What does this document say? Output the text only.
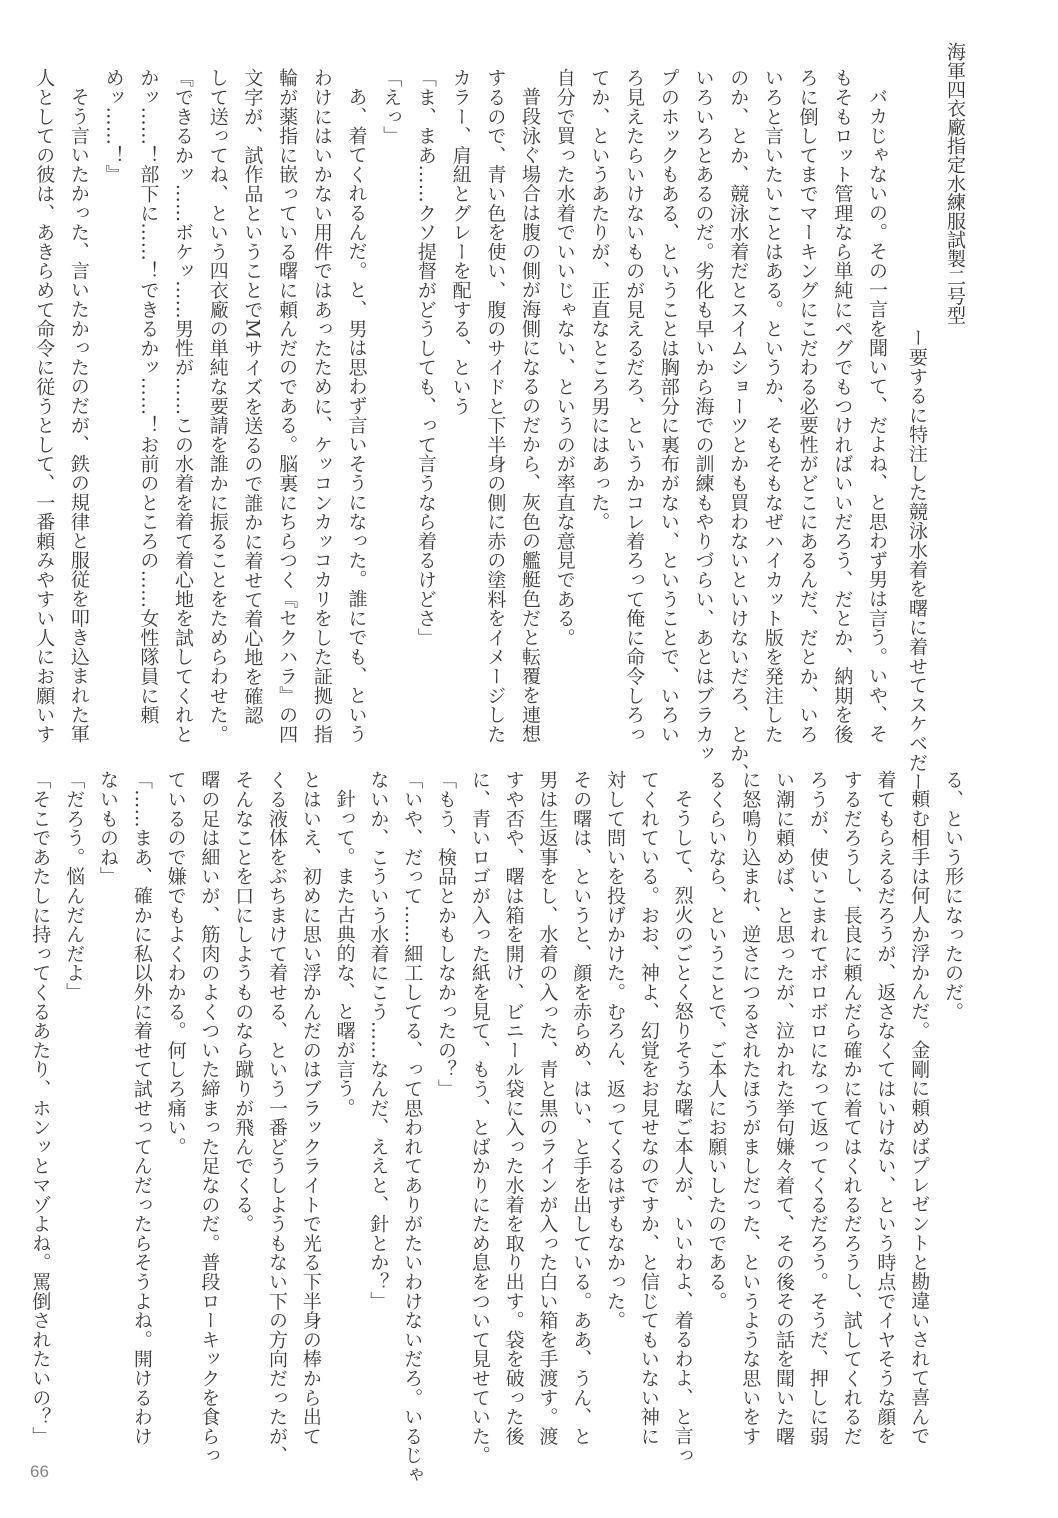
海軍四衣廠指定水練服試製二号型
ー要するに特注した競泳水着を曙に着せてスケベだー
バカじゃないの。その一言を聞いて、だよね、と思わず男は言う。いや、そ
もそもロット管理なら単純にペグでもつければいいだろう、だとか、納期を後
ろに倒してまでマーキングにこだわる必要性がどこにあるんだ、だとか、いろ
いろと言いたいことはある。というか、そもそもなぜハイカット版を発注した
のか、とか、競泳水着だとスイムショーツとかも買わないといけないだろ、とか、
いろいろとあるのだ。劣化も早いから海での訓練もやりづらい、あとはブラカッ
プのホックもある、ということは胸部分に裏布がない、ということで、いろい
ろ見えたらいけないものが見えるだろ、というかコレ着ろって俺に命令しろっ
てか、というあたりが、正直なところ男にはあった。
自分で買った水着でいいじゃない、というのが率直な意見である。
普段泳ぐ場合は腹の側が海側になるのだから、灰色の艦艇色だと転覆を連想
するので、青い色を使い、腹のサイドと下半身の側に赤の塗料をイメージした
カラー、肩紐とグレーを配する、という
「ま、まあ……クソ提督がどうしても、って言うなら着るけどさ」
「えっ」
あ、着てくれるんだ。と、男は思わず言いそうになった。誰にでも、という
わけにはいかない用件ではあったために、ケッコンカッコカリをした証拠の指
輪が薬指に嵌っている曙に頼んだのである。脳裏にちらつく『セクハラ』の四
文字が、試作品ということでMサイズを送るので誰かに着せて着心地を確認
して送ってね、という四衣廠の単純な要請を誰かに振ることをためらわせた。
『できるかッ……ボケッ……男性が……この水着を着て着心地を試してくれと
かッ……！部下に……！できるかッ……！お前のところの……女性隊員に頼
めッ……！』
そう言いたかった、言いたかったのだが、鉄の規律と服従を叩き込まれた軍
人としての彼は、あきらめて命令に従うとして、一番頼みやすい人にお願いす
る、という形になったのだ。
頼む相手は何人か浮かんだ。金剛に頼めばプレゼントと勘違いされて喜んで
着てもらえるだろうが、返さなくてはいけない、という時点でイヤそうな顔を
するだろうし、長良に頼んだら確かに着てはくれるだろうし、試してくれるだ
ろうが、使いこまれてボロボロになって返ってくるだろう。そうだ、押しに弱
い潮に頼めば、と思ったが、泣かれた挙句嫌々着て、その後その話を聞いた曙
に怒鳴り込まれ、逆さにつるされたほうがましだった、というような思いをす
るくらいなら、ということで、ご本人にお願いしたのである。
そうして、烈火のごとく怒りそうな曙ご本人が、いいわよ、着るわよ、と言っ
てくれている。おお、神よ、幻覚をお見せなのですか、と信じてもいない神に
対して問いを投げかけた。むろん、返ってくるはずもなかった。
その曙は、というと、顔を赤らめ、はい、と手を出している。ああ、うん、と
男は生返事をし、水着の入った、青と黒のラインが入った白い箱を手渡す。渡
すや否や、曙は箱を開け、ビニール袋に入った水着を取り出す。袋を破った後
に、青いロゴが入った紙を見て、もう、とばかりにため息をついて見せていた。
「もう、検品とかもしなかったの？」
「いや、だって……細工してる、って思われてありがたいわけないだろ。いるじゃ
ないか、こういう水着にこう……なんだ、ええと、針とか？」
針って。また古典的な、と曙が言う。
とはいえ、初めに思い浮かんだのはブラックライトで光る下半身の棒から出て
くる液体をぶちまけて着せる、という一番どうしようもない下の方向だったが、
そんなことを口にしようものなら蹴りが飛んでくる。
曙の足は細いが、筋肉のよくついた締まった足なのだ。普段ローキックを食らっ
ているので嫌でもよくわかる。何しろ痛い。
「……まあ、確かに私以外に着せて試せってんだったらそうよね。開けるわけ
ないものね」
「だろう。悩んだんだよ」
「そこであたしに持ってくるあたり、ホンッとマゾよね。罵倒されたいの？」
66
